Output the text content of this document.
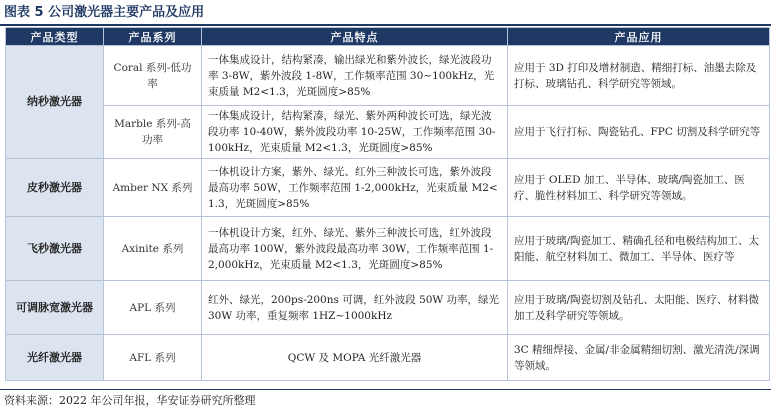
图表 5 公司激光器主要产品及应用
产品类型	产品系列	产品特点	产品应用
纳秒激光器	Coral 系列-低功率	一体集成设计，结构紧凑，输出绿光和紫外波长，绿光波段功率 3-8W，紫外波段 1-8W，工作频率范围 30~100kHz，光束质量 M2<1.3，光斑圆度>85%	应用于 3D 打印及增材制造、精细打标、油墨去除及打标、玻璃钻孔、科学研究等领域。
	Marble 系列-高功率	一体集成设计，结构紧凑，绿光、紫外两种波长可选，绿光波段功率 10-40W，紫外波段功率 10-25W，工作频率范围 30-100kHz，光束质量 M2<1.3，光斑圆度>85%	应用于飞行打标、陶瓷钻孔、FPC 切割及科学研究等
皮秒激光器	Amber NX 系列	一体机设计方案，紫外、绿光、红外三种波长可选，紫外波段最高功率 50W，工作频率范围 1-2,000kHz，光束质量 M2<1.3，光斑圆度>85%	应用于 OLED 加工、半导体、玻璃/陶瓷加工、医疗、脆性材料加工、科学研究等领域。
飞秒激光器	Axinite 系列	一体机设计方案，红外、绿光、紫外三种波长可选，红外波段最高功率 100W，紫外波段最高功率 30W，工作频率范围 1-2,000kHz，光束质量 M2<1.3，光斑圆度>85%	应用于玻璃/陶瓷加工、精确孔径和电极结构加工、太阳能、航空材料加工、微加工、半导体、医疗等
可调脉宽激光器	APL 系列	红外、绿光，200ps-200ns 可调，红外波段 50W 功率，绿光 30W 功率，重复频率 1HZ~1000kHz	应用于玻璃/陶瓷切割及钻孔、太阳能、医疗、材料微加工及科学研究等领域。
光纤激光器	AFL 系列	QCW 及 MOPA 光纤激光器	3C 精细焊接、金属/非金属精细切割、激光清洗/深调等领域。
资料来源：2022 年公司年报，华安证券研究所整理
